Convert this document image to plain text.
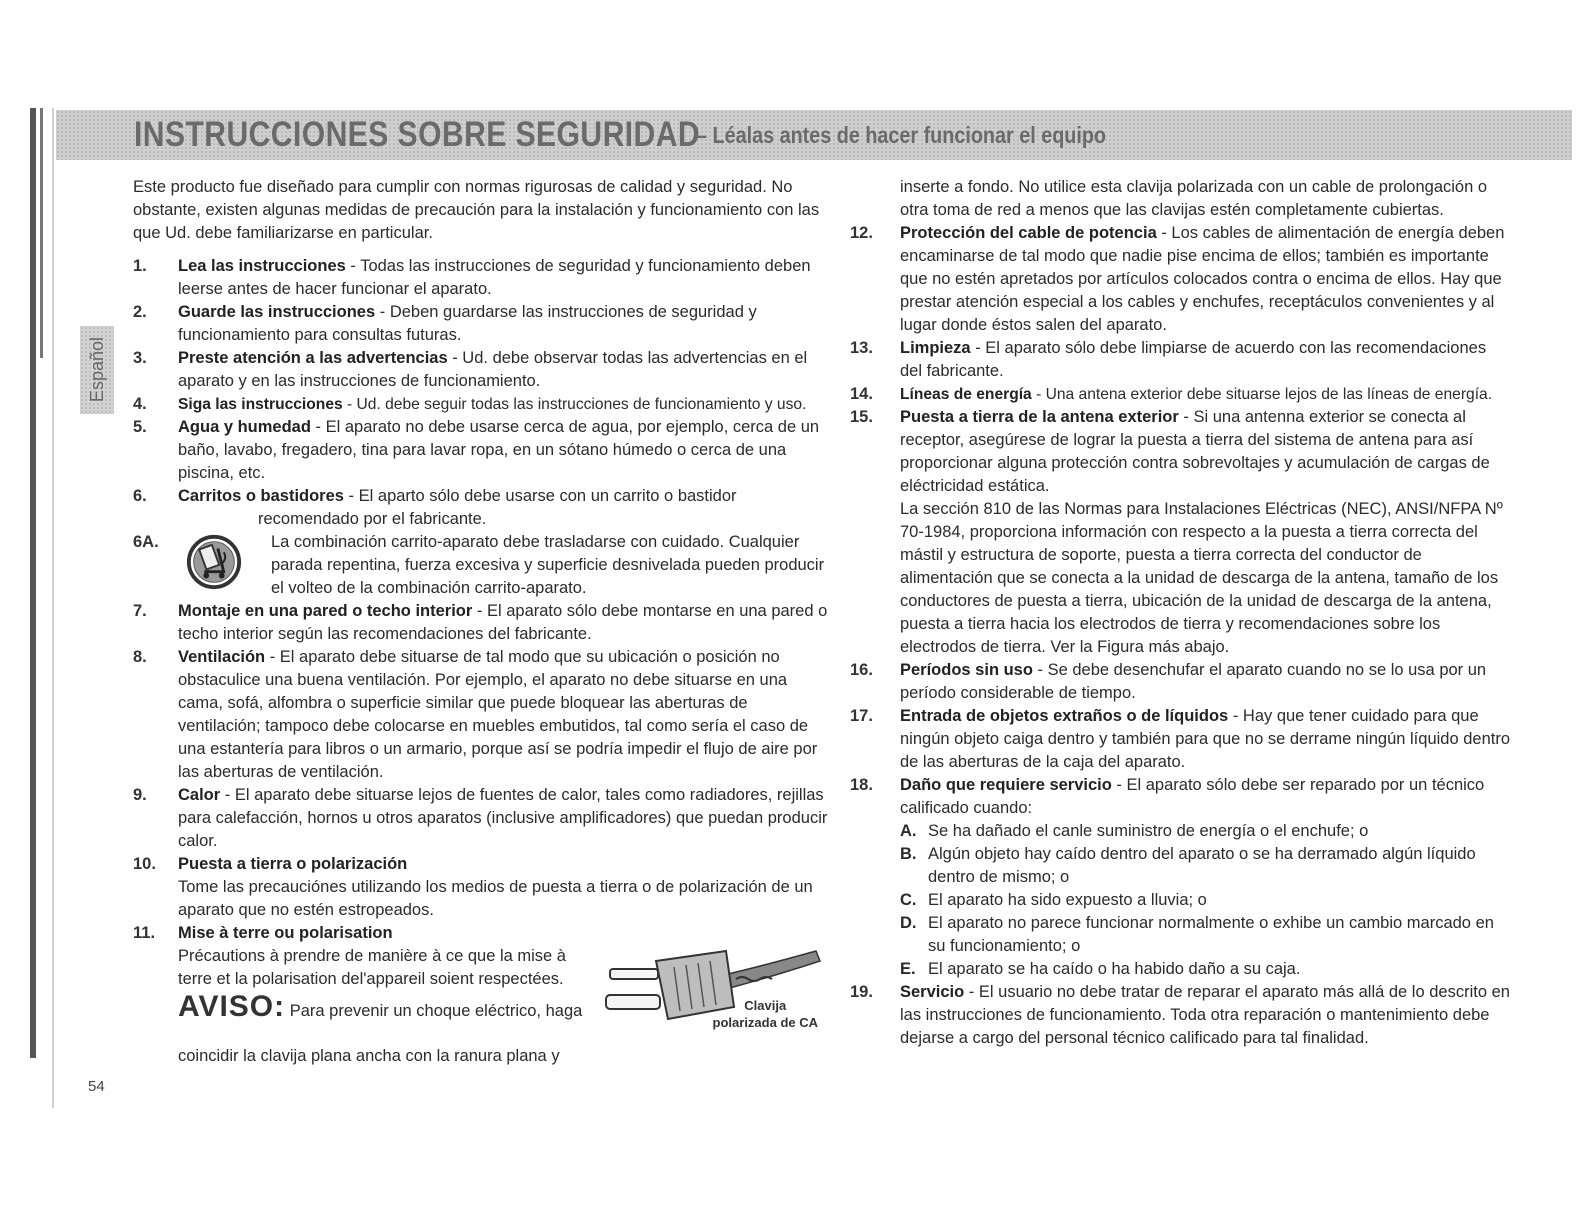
INSTRUCCIONES SOBRE SEGURIDAD
– Léalas antes de hacer funcionar el equipo
Español

Este producto fue diseñado para cumplir con normas rigurosas de calidad y seguridad. No obstante, existen algunas medidas de precaución para la instalación y funcionamiento con las que Ud. debe familiarizarse en particular.

1.	Lea las instrucciones - Todas las instrucciones de seguridad y funcionamiento deben leerse antes de hacer funcionar el aparato.
2.	Guarde las instrucciones - Deben guardarse las instrucciones de seguridad y funcionamiento para consultas futuras.
3.	Preste atención a las advertencias - Ud. debe observar todas las advertencias en el aparato y en las instrucciones de funcionamiento.
4.	Siga las instrucciones - Ud. debe seguir todas las instrucciones de funcionamiento y uso.
5.	Agua y humedad - El aparato no debe usarse cerca de agua, por ejemplo, cerca de un baño, lavabo, fregadero, tina para lavar ropa, en un sótano húmedo o cerca de una piscina, etc.
6.	Carritos o bastidores - El aparto sólo debe usarse con un carrito o bastidor
recomendado por el fabricante.
6A.	La combinación carrito-aparato debe trasladarse con cuidado. Cualquier parada repentina, fuerza excesiva y superficie desnivelada pueden producir el volteo de la combinación carrito-aparato.
7.	Montaje en una pared o techo interior - El aparato sólo debe montarse en una pared o techo interior según las recomendaciones del fabricante.
8.	Ventilación - El aparato debe situarse de tal modo que su ubicación o posición no obstaculice una buena ventilación. Por ejemplo, el aparato no debe situarse en una cama, sofá, alfombra o superficie similar que puede bloquear las aberturas de ventilación; tampoco debe colocarse en muebles embutidos, tal como sería el caso de una estantería para libros o un armario, porque así se podría impedir el flujo de aire por las aberturas de ventilación.
9.	Calor - El aparato debe situarse lejos de fuentes de calor, tales como radiadores, rejillas para calefacción, hornos u otros aparatos (inclusive amplificadores) que puedan producir calor.
10.	Puesta a tierra o polarización
Tome las precauciónes utilizando los medios de puesta a tierra o de polarización de un aparato que no estén estropeados.
11.	Mise à terre ou polarisation
Précautions à prendre de manière à ce que la mise à terre et la polarisation del'appareil soient respectées.
AVISO: Para prevenir un choque eléctrico, haga	Clavija
polarizada de CA
coincidir la clavija plana ancha con la ranura plana y

inserte a fondo. No utilice esta clavija polarizada con un cable de prolongación o otra toma de red a menos que las clavijas estén completamente cubiertas.

12.	Protección del cable de potencia - Los cables de alimentación de energía deben encaminarse de tal modo que nadie pise encima de ellos; también es importante que no estén apretados por artículos colocados contra o encima de ellos. Hay que prestar atención especial a los cables y enchufes, receptáculos convenientes y al lugar donde éstos salen del aparato.
13.	Limpieza - El aparato sólo debe limpiarse de acuerdo con las recomendaciones del fabricante.
14.	Líneas de energía - Una antena exterior debe situarse lejos de las líneas de energía.
15.	Puesta a tierra de la antena exterior - Si una antenna exterior se conecta al receptor, asegúrese de lograr la puesta a tierra del sistema de antena para así proporcionar alguna protección contra sobrevoltajes y acumulación de cargas de eléctricidad estática.

La sección 810 de las Normas para Instalaciones Eléctricas (NEC), ANSI/NFPA Nº 70-1984, proporciona información con respecto a la puesta a tierra correcta del mástil y estructura de soporte, puesta a tierra correcta del conductor de alimentación que se conecta a la unidad de descarga de la antena, tamaño de los conductores de puesta a tierra, ubicación de la unidad de descarga de la antena, puesta a tierra hacia los electrodos de tierra y recomendaciones sobre los electrodos de tierra. Ver la Figura más abajo.

16.	Períodos sin uso - Se debe desenchufar el aparato cuando no se lo usa por un período considerable de tiempo.
17.	Entrada de objetos extraños o de líquidos - Hay que tener cuidado para que ningún objeto caiga dentro y también para que no se derrame ningún líquido dentro de las aberturas de la caja del aparato.
18.	Daño que requiere servicio - El aparato sólo debe ser reparado por un técnico calificado cuando:
A. Se ha dañado el canle suministro de energía o el enchufe; o
B. Algún objeto hay caído dentro del aparato o se ha derramado algún líquido dentro de mismo; o
C. El aparato ha sido expuesto a lluvia; o
D. El aparato no parece funcionar normalmente o exhibe un cambio marcado en su funcionamiento; o
E. El aparato se ha caído o ha habido daño a su caja.
19.	Servicio - El usuario no debe tratar de reparar el aparato más allá de lo descrito en las instrucciones de funcionamiento. Toda otra reparación o mantenimiento debe dejarse a cargo del personal técnico calificado para tal finalidad.
54
